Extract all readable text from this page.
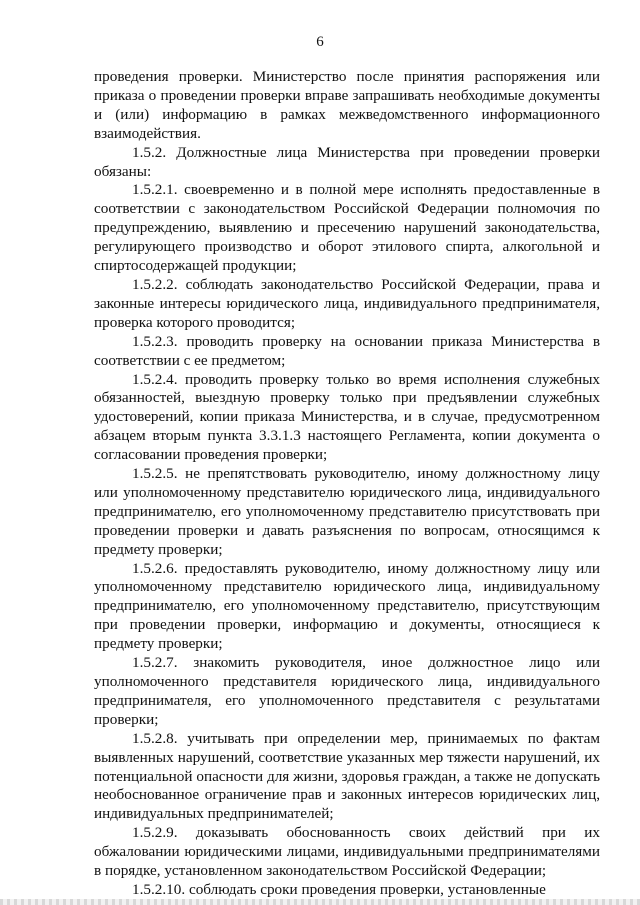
6

проведения проверки. Министерство после принятия распоряжения или приказа о проведении проверки вправе запрашивать необходимые документы и (или) информацию в рамках межведомственного информационного взаимодействия.

1.5.2. Должностные лица Министерства при проведении проверки обязаны:

1.5.2.1. своевременно и в полной мере исполнять предоставленные в соответствии с законодательством Российской Федерации полномочия по предупреждению, выявлению и пресечению нарушений законодательства, регулирующего производство и оборот этилового спирта, алкогольной и спиртосодержащей продукции;

1.5.2.2. соблюдать законодательство Российской Федерации, права и законные интересы юридического лица, индивидуального предпринимателя, проверка которого проводится;

1.5.2.3. проводить проверку на основании приказа Министерства в соответствии с ее предметом;

1.5.2.4. проводить проверку только во время исполнения служебных обязанностей, выездную проверку только при предъявлении служебных удостоверений, копии приказа Министерства, и в случае, предусмотренном абзацем вторым пункта 3.3.1.3 настоящего Регламента, копии документа о согласовании проведения проверки;

1.5.2.5. не препятствовать руководителю, иному должностному лицу или уполномоченному представителю юридического лица, индивидуального предпринимателю, его уполномоченному представителю присутствовать при проведении проверки и давать разъяснения по вопросам, относящимся к предмету проверки;

1.5.2.6. предоставлять руководителю, иному должностному лицу или уполномоченному представителю юридического лица, индивидуальному предпринимателю, его уполномоченному представителю, присутствующим при проведении проверки, информацию и документы, относящиеся к предмету проверки;

1.5.2.7. знакомить руководителя, иное должностное лицо или уполномоченного представителя юридического лица, индивидуального предпринимателя, его уполномоченного представителя с результатами проверки;

1.5.2.8. учитывать при определении мер, принимаемых по фактам выявленных нарушений, соответствие указанных мер тяжести нарушений, их потенциальной опасности для жизни, здоровья граждан, а также не допускать необоснованное ограничение прав и законных интересов юридических лиц, индивидуальных предпринимателей;

1.5.2.9. доказывать обоснованность своих действий при их обжаловании юридическими лицами, индивидуальными предпринимателями в порядке, установленном законодательством Российской Федерации;

1.5.2.10. соблюдать сроки проведения проверки, установленные
